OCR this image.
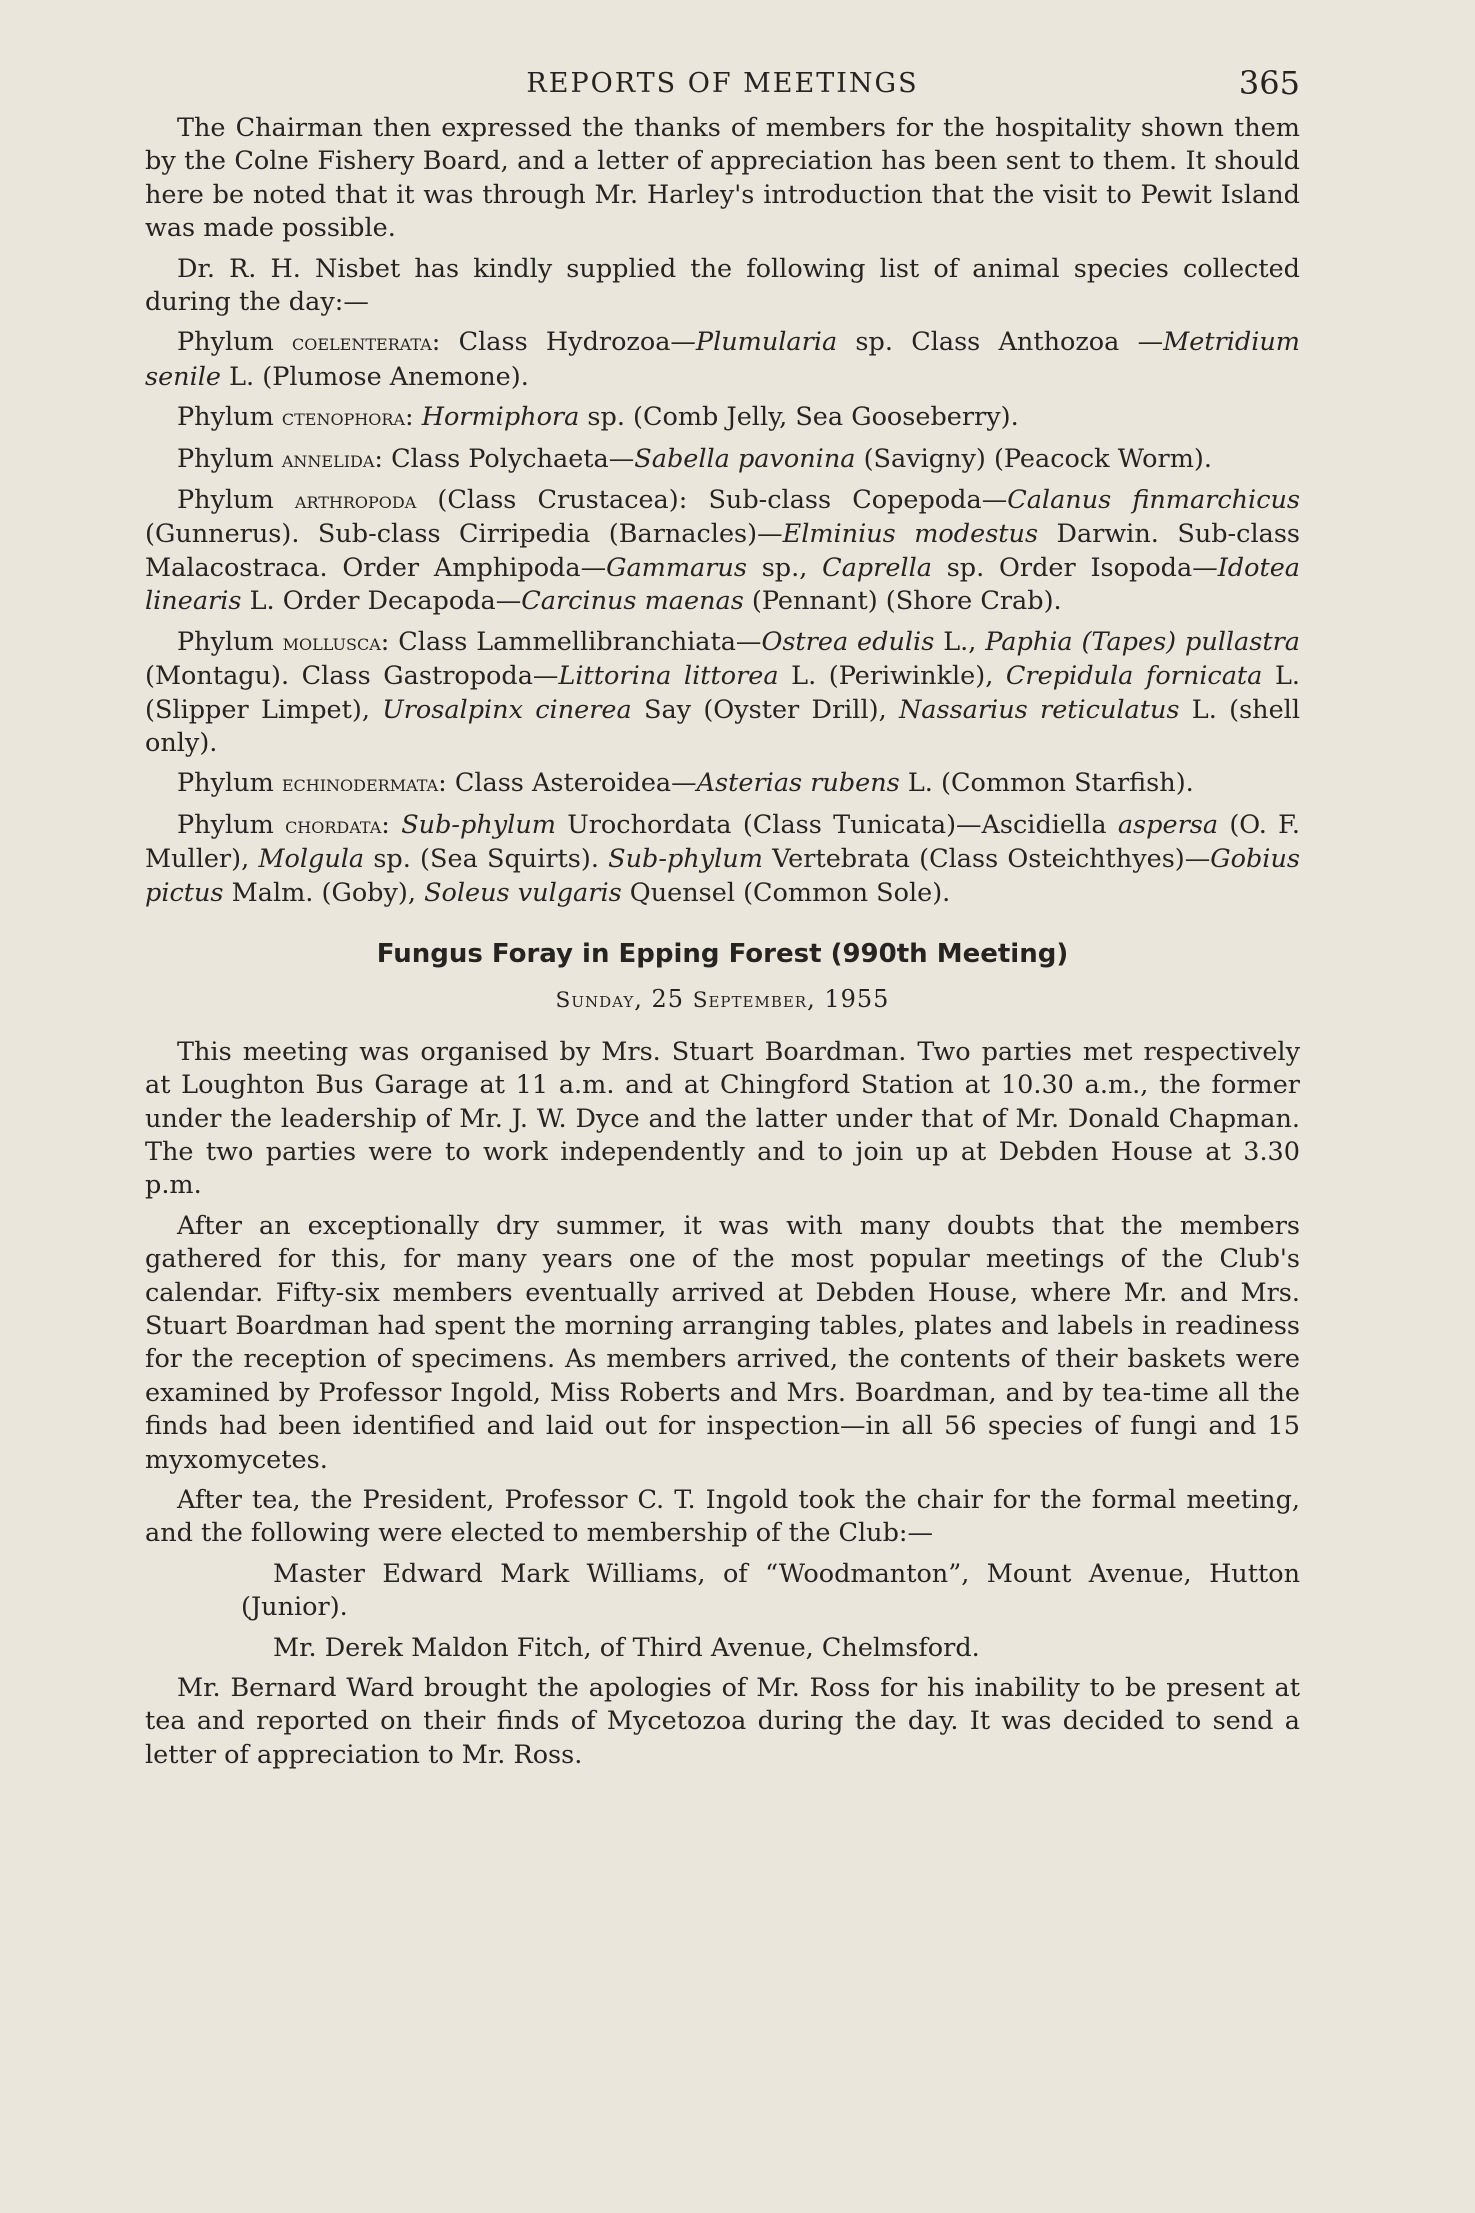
REPORTS OF MEETINGS	365

The Chairman then expressed the thanks of members for the hospitality shown them by the Colne Fishery Board, and a letter of appreciation has been sent to them. It should here be noted that it was through Mr. Harley's introduction that the visit to Pewit Island was made possible.

Dr. R. H. Nisbet has kindly supplied the following list of animal species collected during the day:—

Phylum coelenterata: Class Hydrozoa—Plumularia sp. Class Anthozoa —Metridium senile L. (Plumose Anemone).

Phylum ctenophora: Hormiphora sp. (Comb Jelly, Sea Gooseberry).

Phylum annelida: Class Polychaeta—Sabella pavonina (Savigny) (Peacock Worm).

Phylum arthropoda (Class Crustacea): Sub-class Copepoda—Calanus finmarchicus (Gunnerus). Sub-class Cirripedia (Barnacles)—Elminius modestus Darwin. Sub-class Malacostraca. Order Amphipoda—Gammarus sp., Caprella sp. Order Isopoda—Idotea linearis L. Order Decapoda—Carcinus maenas (Pennant) (Shore Crab).

Phylum mollusca: Class Lammellibranchiata—Ostrea edulis L., Paphia (Tapes) pullastra (Montagu). Class Gastropoda—Littorina littorea L. (Periwinkle), Crepidula fornicata L. (Slipper Limpet), Urosalpinx cinerea Say (Oyster Drill), Nassarius reticulatus L. (shell only).

Phylum echinodermata: Class Asteroidea—Asterias rubens L. (Common Starfish).

Phylum chordata: Sub-phylum Urochordata (Class Tunicata)—Ascidiella aspersa (O. F. Muller), Molgula sp. (Sea Squirts). Sub-phylum Vertebrata (Class Osteichthyes)—Gobius pictus Malm. (Goby), Soleus vulgaris Quensel (Common Sole).

Fungus Foray in Epping Forest (990th Meeting)
Sunday, 25 September, 1955

This meeting was organised by Mrs. Stuart Boardman. Two parties met respectively at Loughton Bus Garage at 11 a.m. and at Chingford Station at 10.30 a.m., the former under the leadership of Mr. J. W. Dyce and the latter under that of Mr. Donald Chapman. The two parties were to work independently and to join up at Debden House at 3.30 p.m.

After an exceptionally dry summer, it was with many doubts that the members gathered for this, for many years one of the most popular meetings of the Club's calendar. Fifty-six members eventually arrived at Debden House, where Mr. and Mrs. Stuart Boardman had spent the morning arranging tables, plates and labels in readiness for the reception of specimens. As members arrived, the contents of their baskets were examined by Professor Ingold, Miss Roberts and Mrs. Boardman, and by tea-time all the finds had been identified and laid out for inspection—in all 56 species of fungi and 15 myxomycetes.

After tea, the President, Professor C. T. Ingold took the chair for the formal meeting, and the following were elected to membership of the Club:—

Master Edward Mark Williams, of “Woodmanton”, Mount Avenue, Hutton (Junior).

Mr. Derek Maldon Fitch, of Third Avenue, Chelmsford.

Mr. Bernard Ward brought the apologies of Mr. Ross for his inability to be present at tea and reported on their finds of Mycetozoa during the day. It was decided to send a letter of appreciation to Mr. Ross.
